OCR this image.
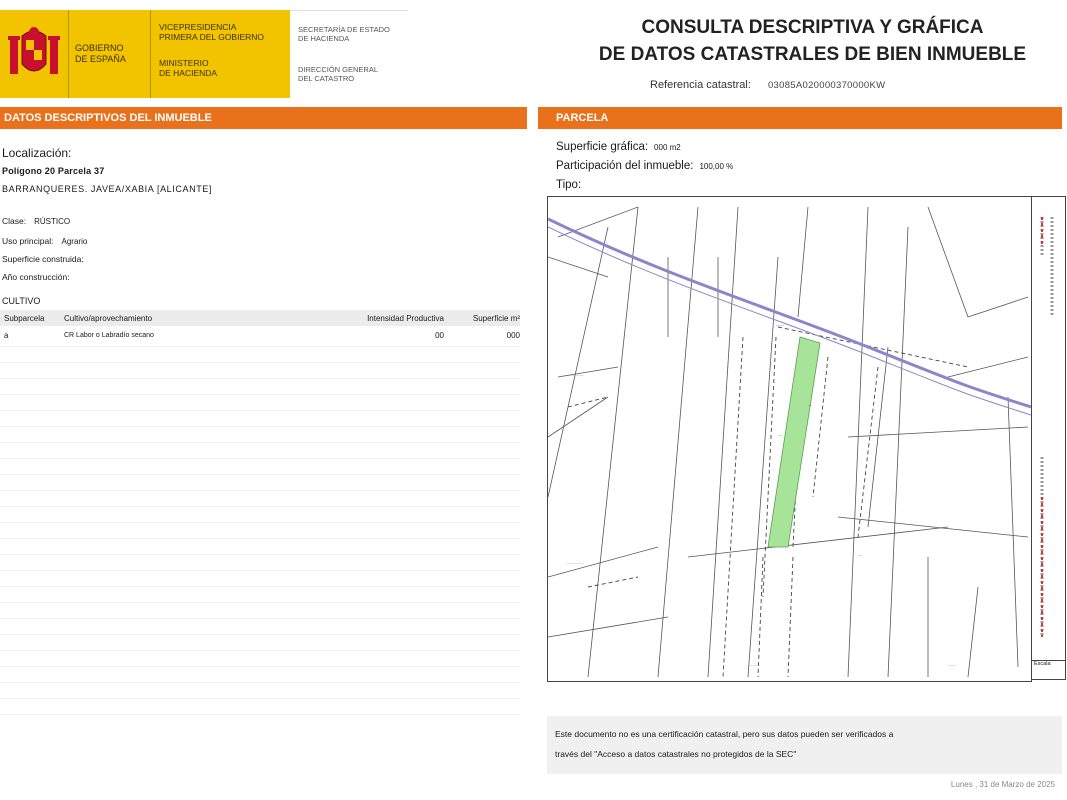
GOBIERNO
DE ESPAÑA
VICEPRESIDENCIA
PRIMERA DEL GOBIERNO
MINISTERIO
DE HACIENDA
SECRETARÍA DE ESTADO
DE HACIENDA
DIRECCIÓN GENERAL
DEL CATASTRO
CONSULTA DESCRIPTIVA Y GRÁFICA
DE DATOS CATASTRALES DE BIEN INMUEBLE
Referencia catastral: 03085A020000370000KW
DATOS DESCRIPTIVOS DEL INMUEBLE	PARCELA
Localización:
Polígono 20 Parcela 37
BARRANQUERES. JAVEA/XABIA [ALICANTE]
Clase: RÚSTICO
Uso principal: Agrario
Superficie construida:
Año construcción:
CULTIVO
Subparcela	Cultivo/aprovechamiento	Intensidad Productiva	Superficie m²
a	CR Labor o Labradío secano	00	000
Superficie gráfica: 000 m2
Participación del inmueble: 100,00 %
Tipo:
·········
·········
·····	····
····
··
··
··
Escala
Este documento no es una certificación catastral, pero sus datos pueden ser verificados a
través del "Acceso a datos catastrales no protegidos de la SEC"
Lunes , 31 de Marzo de 2025
